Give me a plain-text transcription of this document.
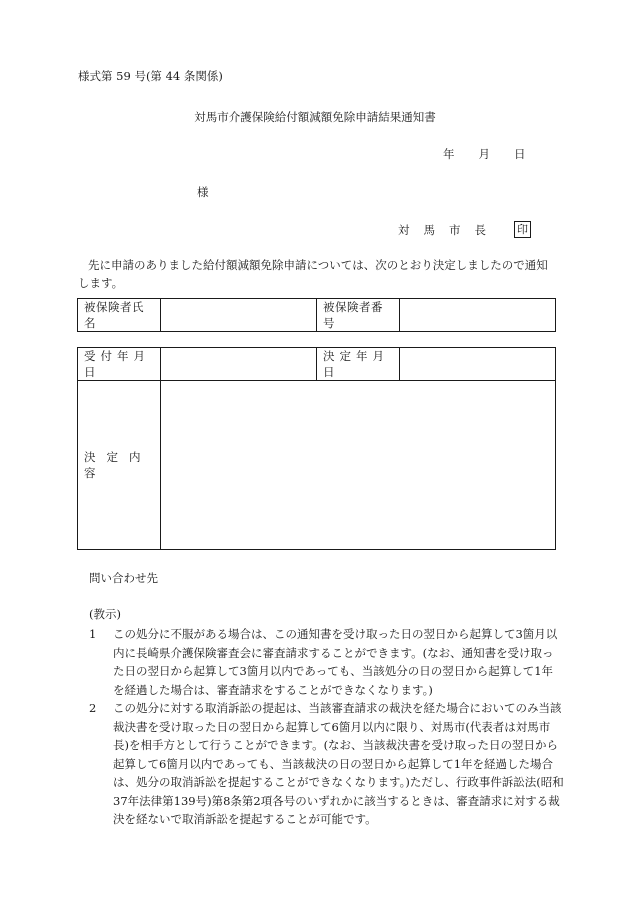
様式第 59 号(第 44 条関係)
対馬市介護保険給付額減額免除申請結果通知書
年 月 日
様
対馬市長 印
先に申請のありました給付額減額免除申請については、次のとおり決定しましたので通知します。
被保険者氏名		被保険者番号	
受付年月日		決定年月日	
決定内容			
問い合わせ先
(教示)
1	この処分に不服がある場合は、この通知書を受け取った日の翌日から起算して3箇月以内に長崎県介護保険審査会に審査請求することができます。(なお、通知書を受け取った日の翌日から起算して3箇月以内であっても、当該処分の日の翌日から起算して1年を経過した場合は、審査請求をすることができなくなります。)
2	この処分に対する取消訴訟の提起は、当該審査請求の裁決を経た場合においてのみ当該裁決書を受け取った日の翌日から起算して6箇月以内に限り、対馬市(代表者は対馬市長)を相手方として行うことができます。(なお、当該裁決書を受け取った日の翌日から起算して6箇月以内であっても、当該裁決の日の翌日から起算して1年を経過した場合は、処分の取消訴訟を提起することができなくなります。)ただし、行政事件訴訟法(昭和37年法律第139号)第8条第2項各号のいずれかに該当するときは、審査請求に対する裁決を経ないで取消訴訟を提起することが可能です。
